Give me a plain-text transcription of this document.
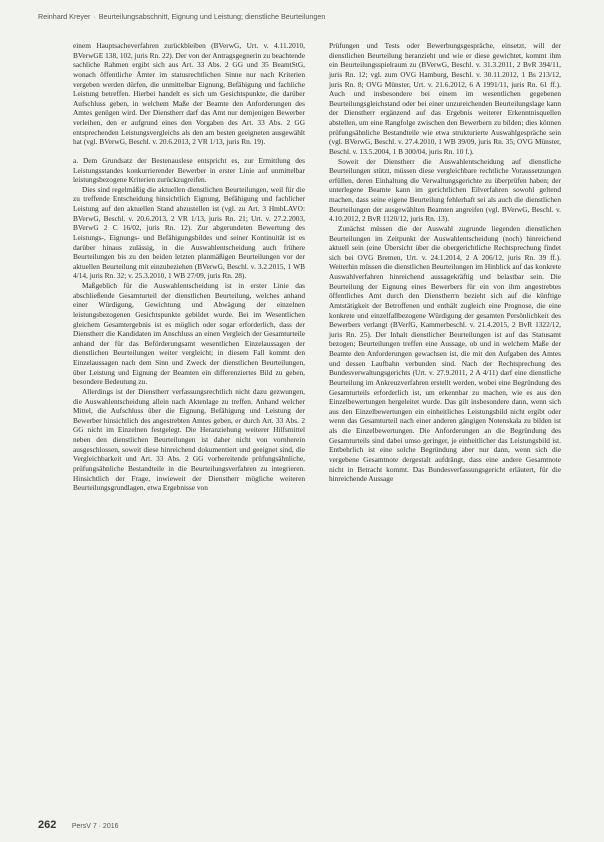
Reinhard Kreyer · Beurteilungsabschnitt, Eignung und Leistung; dienstliche Beurteilungen

einem Hauptsacheverfahren zurückbleiben (BVerwG, Urt. v. 4.11.2010, BVerwGE 138, 102, juris Rn. 22). Der von der Antragsgegnerin zu beachtende sachliche Rahmen ergibt sich aus Art. 33 Abs. 2 GG und 35 BeamtStG, wonach öffentliche Ämter im statusrechtlichen Sinne nur nach Kriterien vergeben werden dürfen, die unmittelbar Eignung, Befähigung und fachliche Leistung betreffen. Hierbei handelt es sich um Gesichtspunkte, die darüber Aufschluss geben, in welchem Maße der Beamte den Anforderungen des Amtes genügen wird. Der Dienstherr darf das Amt nur demjenigen Bewerber verleihen, den er aufgrund eines den Vorgaben des Art. 33 Abs. 2 GG entsprechenden Leistungsvergleichs als den am besten geeigneten ausgewählt hat (vgl. BVerwG, Beschl. v. 20.6.2013, 2 VR 1/13, juris Rn. 19).

a. Dem Grundsatz der Bestenauslese entspricht es, zur Ermittlung des Leistungsstandes konkurrierender Bewerber in erster Linie auf unmittelbar leistungsbezogene Kriterien zurückzugreifen.

Dies sind regelmäßig die aktuellen dienstlichen Beurteilungen, weil für die zu treffende Entscheidung hinsichtlich Eignung, Befähigung und fachlicher Leistung auf den aktuellen Stand abzustellen ist (vgl. zu Art. 3 HmbLAVO: BVerwG, Beschl. v. 20.6.2013, 2 VR 1/13, juris Rn. 21; Urt. v. 27.2.2003, BVerwG 2 C 16/02, juris Rn. 12). Zur abgerundeten Bewertung des Leistungs-, Eignungs- und Befähigungsbildes und seiner Kontinuität ist es darüber hinaus zulässig, in die Auswahlentscheidung auch frühere Beurteilungen bis zu den beiden letzten planmäßigen Beurteilungen vor der aktuellen Beurteilung mit einzubeziehen (BVerwG, Beschl. v. 3.2.2015, 1 WB 4/14, juris Rn. 32; v. 25.3.2010, 1 WB 27/09, juris Rn. 28).

Maßgeblich für die Auswahlentscheidung ist in erster Linie das abschließende Gesamturteil der dienstlichen Beurteilung, welches anhand einer Würdigung, Gewichtung und Abwägung der einzelnen leistungsbezogenen Gesichtspunkte gebildet wurde. Bei im Wesentlichen gleichem Gesamtergebnis ist es möglich oder sogar erforderlich, dass der Dienstherr die Kandidaten im Anschluss an einen Vergleich der Gesamturteile anhand der für das Beförderungsamt wesentlichen Einzelaussagen der dienstlichen Beurteilungen weiter vergleicht; in diesem Fall kommt den Einzelaussagen nach dem Sinn und Zweck der dienstlichen Beurteilungen, über Leistung und Eignung der Beamten ein differenziertes Bild zu geben, besondere Bedeutung zu.

Allerdings ist der Dienstherr verfassungsrechtlich nicht dazu gezwungen, die Auswahlentscheidung allein nach Aktenlage zu treffen. Anhand welcher Mittel, die Aufschluss über die Eignung, Befähigung und Leistung der Bewerber hinsichtlich des angestrebten Amtes geben, er durch Art. 33 Abs. 2 GG nicht im Einzelnen festgelegt. Die Heranziehung weiterer Hilfsmittel neben den dienstlichen Beurteilungen ist daher nicht von vornherein ausgeschlossen, soweit diese hinreichend dokumentiert und geeignet sind, die Vergleichbarkeit und Art. 33 Abs. 2 GG vorbereitende prüfungsähnliche, prüfungsähnliche Bestandteile in die Beurteilungsverfahren zu integrieren. Hinsichtlich der Frage, inwieweit der Dienstherr mögliche weiteren Beurteilungsgrundlagen, etwa Ergebnisse von

Prüfungen und Tests oder Bewerbungsgespräche, einsetzt, will der dienstlichen Beurteilung heranzieht und wie er diese gewichtet, kommt ihm ein Beurteilungsspielraum zu (BVerwG, Beschl. v. 31.3.2011, 2 BvR 394/11, juris Rn. 12; vgl. zum OVG Hamburg, Beschl. v. 30.11.2012, 1 Bs 213/12, juris Rn. 8; OVG Münster, Urt. v. 21.6.2012, 6 A 1991/11, juris Rn. 61 ff.). Auch und insbesondere bei einem im wesentlichen gegebenen Beurteilungsgleichstand oder bei einer unzureichenden Beurteilungslage kann der Dienstherr ergänzend auf das Ergebnis weiterer Erkenntnisquellen abstellen, um eine Rangfolge zwischen den Bewerbern zu bilden; dies können prüfungsähnliche Bestandteile wie etwa strukturierte Auswahlgespräche sein (vgl. BVerwG, Beschl. v. 27.4.2010, 1 WB 39/09, juris Rn. 35; OVG Münster, Beschl. v. 13.5.2004, 1 B 300/04, juris Rn. 10 f.).

Soweit der Dienstherr die Auswahlentscheidung auf dienstliche Beurteilungen stützt, müssen diese vergleichbare rechtliche Voraussetzungen erfüllen, deren Einhaltung die Verwaltungsgerichte zu überprüfen haben; der unterlegene Beamte kann im gerichtlichen Eilverfahren sowohl geltend machen, dass seine eigene Beurteilung fehlerhaft sei als auch die dienstlichen Beurteilungen der ausgewählten Beamten angreifen (vgl. BVerwG, Beschl. v. 4.10.2012, 2 BvR 1120/12, juris Rn. 13).

Zunächst müssen die der Auswahl zugrunde liegenden dienstlichen Beurteilungen im Zeitpunkt der Auswahlentscheidung (noch) hinreichend aktuell sein (eine Übersicht über die obergerichtliche Rechtsprechung findet sich bei OVG Bremen, Urt. v. 24.1.2014, 2 A 206/12, juris Rn. 39 ff.). Weiterhin müssen die dienstlichen Beurteilungen im Hinblick auf das konkrete Auswahlverfahren hinreichend aussagekräftig und belastbar sein. Die Beurteilung der Eignung eines Bewerbers für ein von ihm angestrebtes öffentliches Amt durch den Dienstherrn bezieht sich auf die künftige Amtstätigkeit der Betroffenen und enthält zugleich eine Prognose, die eine konkrete und einzelfallbezogene Würdigung der gesamten Persönlichkeit des Bewerbers verlangt (BVerfG, Kammerbeschl. v. 21.4.2015, 2 BvR 1322/12, juris Rn. 25). Der Inhalt dienstlicher Beurteilungen ist auf das Statusamt bezogen; Beurteilungen treffen eine Aussage, ob und in welchem Maße der Beamte den Anforderungen gewachsen ist, die mit den Aufgaben des Amtes und dessen Laufbahn verbunden sind. Nach der Rechtsprechung des Bundesverwaltungsgerichts (Urt. v. 27.9.2011, 2 A 4/11) darf eine dienstliche Beurteilung im Ankreuzverfahren erstellt werden, wobei eine Begründung des Gesamturteils erforderlich ist, um erkennbar zu machen, wie es aus den Einzelbewertungen hergeleitet wurde. Das gilt insbesondere dann, wenn sich aus den Einzelbewertungen ein einheitliches Leistungsbild nicht ergibt oder wenn das Gesamturteil nach einer anderen gängigen Notenskala zu bilden ist als die Einzelbewertungen. Die Anforderungen an die Begründung des Gesamturteils sind dabei umso geringer, je einheitlicher das Leistungsbild ist. Entbehrlich ist eine solche Begründung aber nur dann, wenn sich die vergebene Gesamtnote dergestalt aufdrängt, dass eine andere Gesamtnote nicht in Betracht kommt. Das Bundesverfassungsgericht erläutert, für die hinreichende Aussage

262 PersV 7 · 2016
